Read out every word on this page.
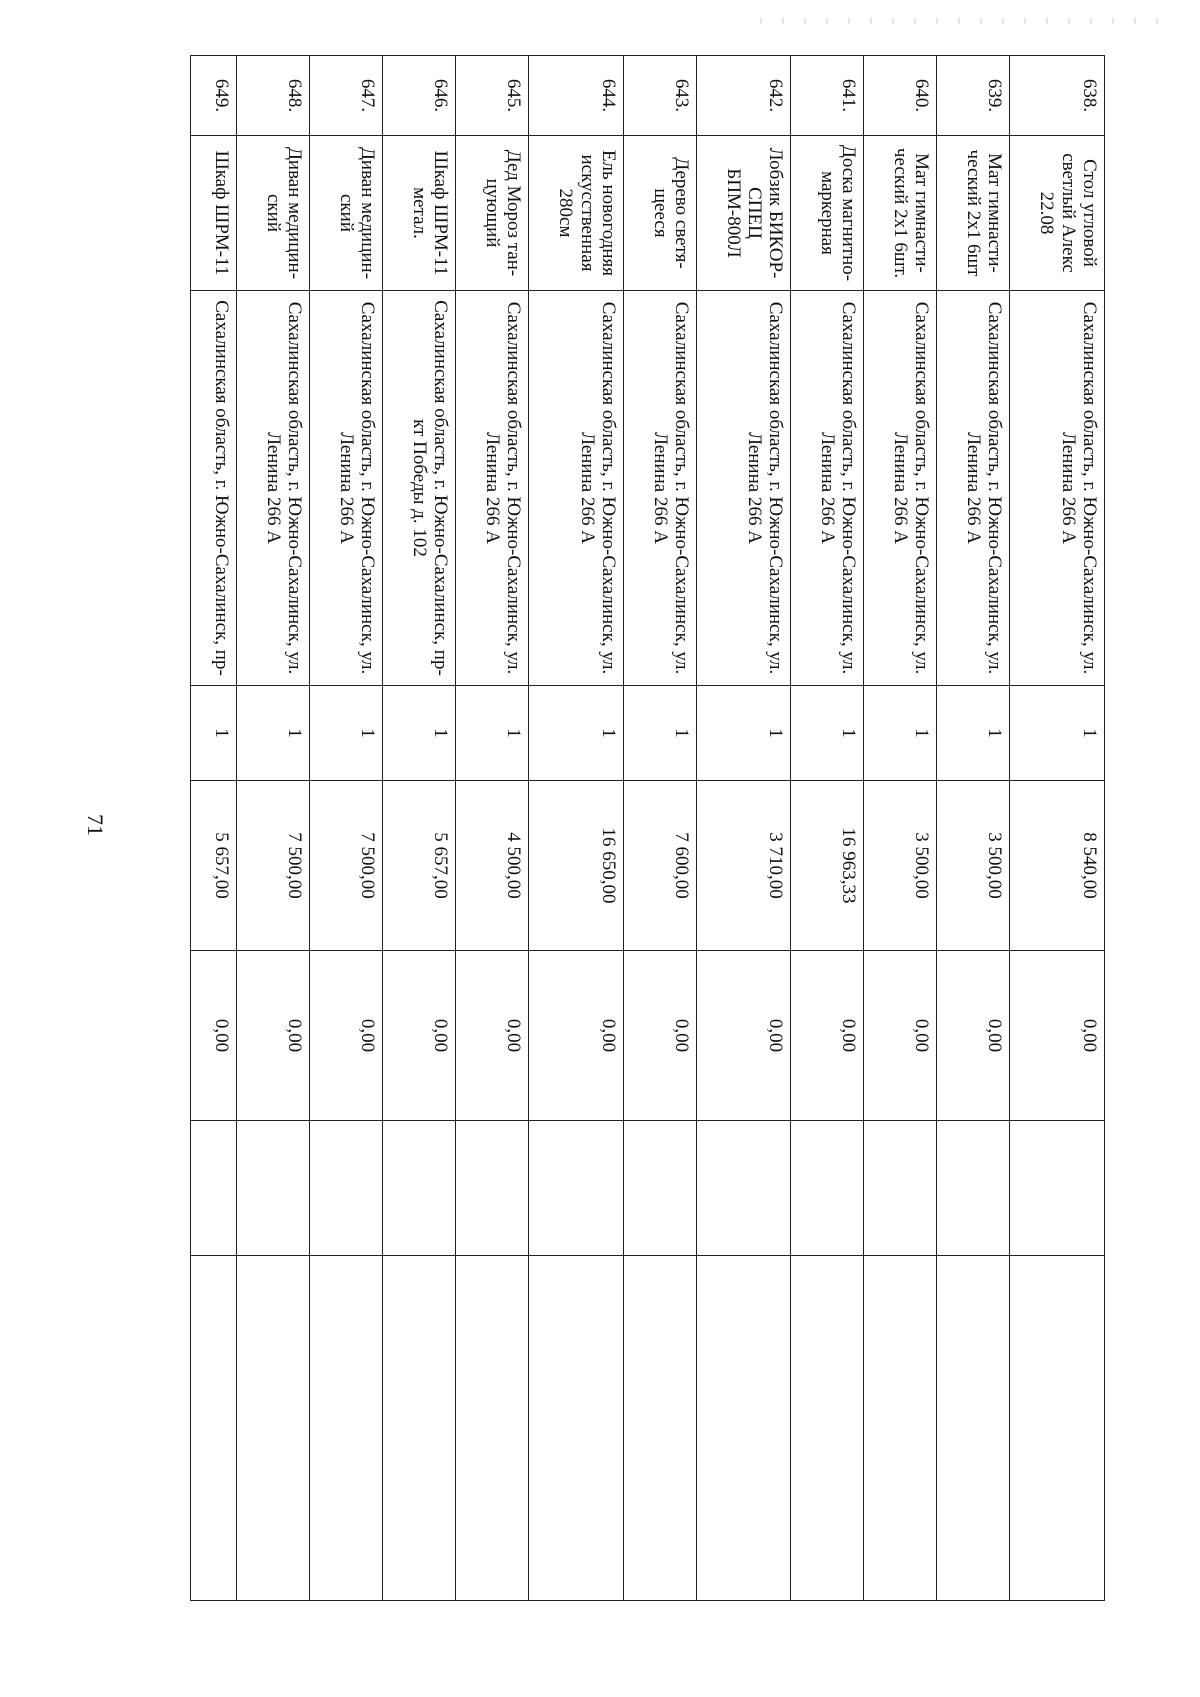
71
638.	Стол угловой светлый Алекс 22.08	Сахалинская область, г. Южно-Сахалинск, ул. Ленина 266 А	1	8 540,00	0,00		
639.	Мат гимнасти-ческий 2х1 6шт	Сахалинская область, г. Южно-Сахалинск, ул. Ленина 266 А	1	3 500,00	0,00		
640.	Мат гимнасти-ческий 2х1 6шт.	Сахалинская область, г. Южно-Сахалинск, ул. Ленина 266 А	1	3 500,00	0,00		
641.	Доска магнитно-маркерная	Сахалинская область, г. Южно-Сахалинск, ул. Ленина 266 А	1	16 963,33	0,00		
642.	Лобзик БИКОР-СПЕЦ БПМ-800Л	Сахалинская область, г. Южно-Сахалинск, ул. Ленина 266 А	1	3 710,00	0,00		
643.	Дерево светя-щееся	Сахалинская область, г. Южно-Сахалинск, ул. Ленина 266 А	1	7 600,00	0,00		
644.	Ель новогодняя искусственная 280см	Сахалинская область, г. Южно-Сахалинск, ул. Ленина 266 А	1	16 650,00	0,00		
645.	Дед Мороз тан-цующий	Сахалинская область, г. Южно-Сахалинск, ул. Ленина 266 А	1	4 500,00	0,00		
646.	Шкаф ШРМ-11 метал.	Сахалинская область, г. Южно-Сахалинск, пр-кт Победы д. 102	1	5 657,00	0,00		
647.	Диван медицин-ский	Сахалинская область, г. Южно-Сахалинск, ул. Ленина 266 А	1	7 500,00	0,00		
648.	Диван медицин-ский	Сахалинская область, г. Южно-Сахалинск, ул. Ленина 266 А	1	7 500,00	0,00		
649.	Шкаф ШРМ-11	Сахалинская область, г. Южно-Сахалинск, пр-	1	5 657,00	0,00		
